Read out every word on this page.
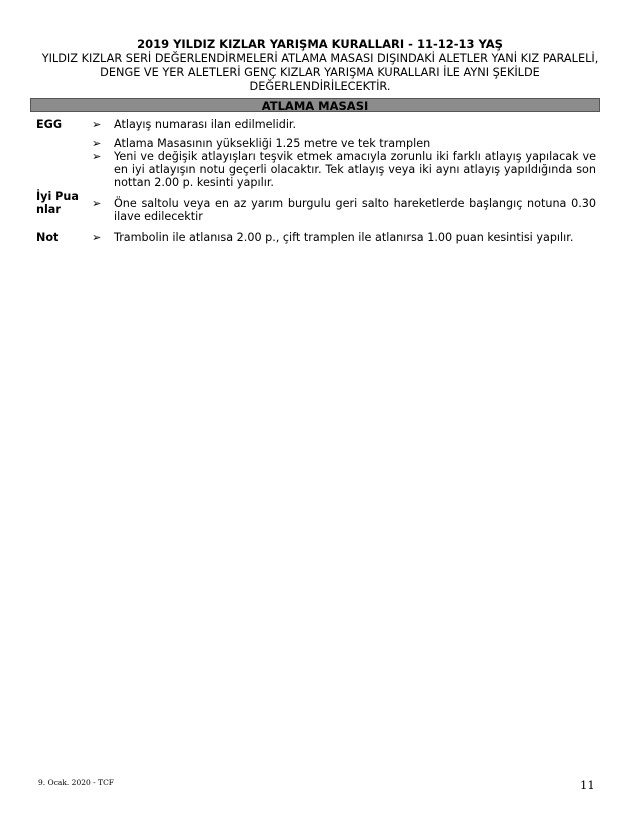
2019 YILDIZ KIZLAR YARIŞMA KURALLARI - 11-12-13 YAŞ
YILDIZ KIZLAR SERİ DEĞERLENDİRMELERİ ATLAMA MASASI DIŞINDAKİ ALETLER YANİ KIZ PARALELİ, DENGE VE YER ALETLERİ GENÇ KIZLAR YARIŞMA KURALLARI İLE AYNI ŞEKİLDE DEĞERLENDİRİLECEKTİR.
ATLAMA MASASI
EGG	➢ Atlayış numarası ilan edilmelidir.
➢ Atlama Masasının yüksekliği 1.25 metre ve tek tramplen
➢ Yeni ve değişik atlayışları teşvik etmek amacıyla zorunlu iki farklı atlayış yapılacak ve en iyi atlayışın notu geçerli olacaktır. Tek atlayış veya iki aynı atlayış yapıldığında son nottan 2.00 p. kesinti yapılır.
İyi Puanlar	➢ Öne saltolu veya en az yarım burgulu geri salto hareketlerde başlangıç notuna 0.30 ilave edilecektir
Not	➢ Trambolin ile atlanısa 2.00 p., çift tramplen ile atlanırsa 1.00 puan kesintisi yapılır.
9. Ocak. 2020 - TCF	11
